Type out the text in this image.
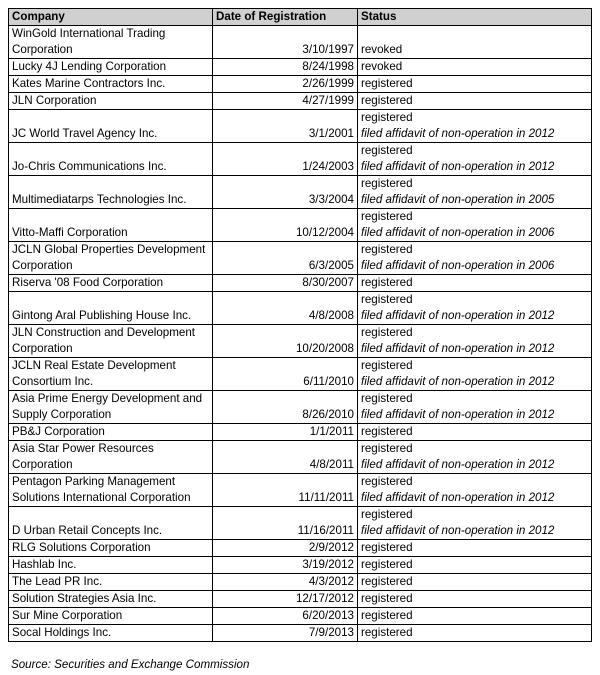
Company	Date of Registration	Status
WinGold International Trading Corporation	3/10/1997	revoked

Lucky 4J Lending Corporation	8/24/1998	revoked

Kates Marine Contractors Inc.	2/26/1999	registered

JLN Corporation	4/27/1999	registered

JC World Travel Agency Inc.	3/1/2001	registered
filed affidavit of non-operation in 2012

Jo-Chris Communications Inc.	1/24/2003	registered
filed affidavit of non-operation in 2012

Multimediatarps Technologies Inc.	3/3/2004	registered
filed affidavit of non-operation in 2005

Vitto-Maffi Corporation	10/12/2004	registered
filed affidavit of non-operation in 2006

JCLN Global Properties Development Corporation	6/3/2005	registered
filed affidavit of non-operation in 2006

Riserva '08 Food Corporation	8/30/2007	registered

Gintong Aral Publishing House Inc.	4/8/2008	registered
filed affidavit of non-operation in 2012

JLN Construction and Development Corporation	10/20/2008	registered
filed affidavit of non-operation in 2012

JCLN Real Estate Development Consortium Inc.	6/11/2010	registered
filed affidavit of non-operation in 2012

Asia Prime Energy Development and Supply Corporation	8/26/2010	registered
filed affidavit of non-operation in 2012

PB&J Corporation	1/1/2011	registered

Asia Star Power Resources Corporation	4/8/2011	registered
filed affidavit of non-operation in 2012

Pentagon Parking Management Solutions International Corporation	11/11/2011	registered
filed affidavit of non-operation in 2012

D Urban Retail Concepts Inc.	11/16/2011	registered
filed affidavit of non-operation in 2012

RLG Solutions Corporation	2/9/2012	registered

Hashlab Inc.	3/19/2012	registered

The Lead PR Inc.	4/3/2012	registered

Solution Strategies Asia Inc.	12/17/2012	registered

Sur Mine Corporation	6/20/2013	registered

Socal Holdings Inc.	7/9/2013	registered
Source: Securities and Exchange Commission
